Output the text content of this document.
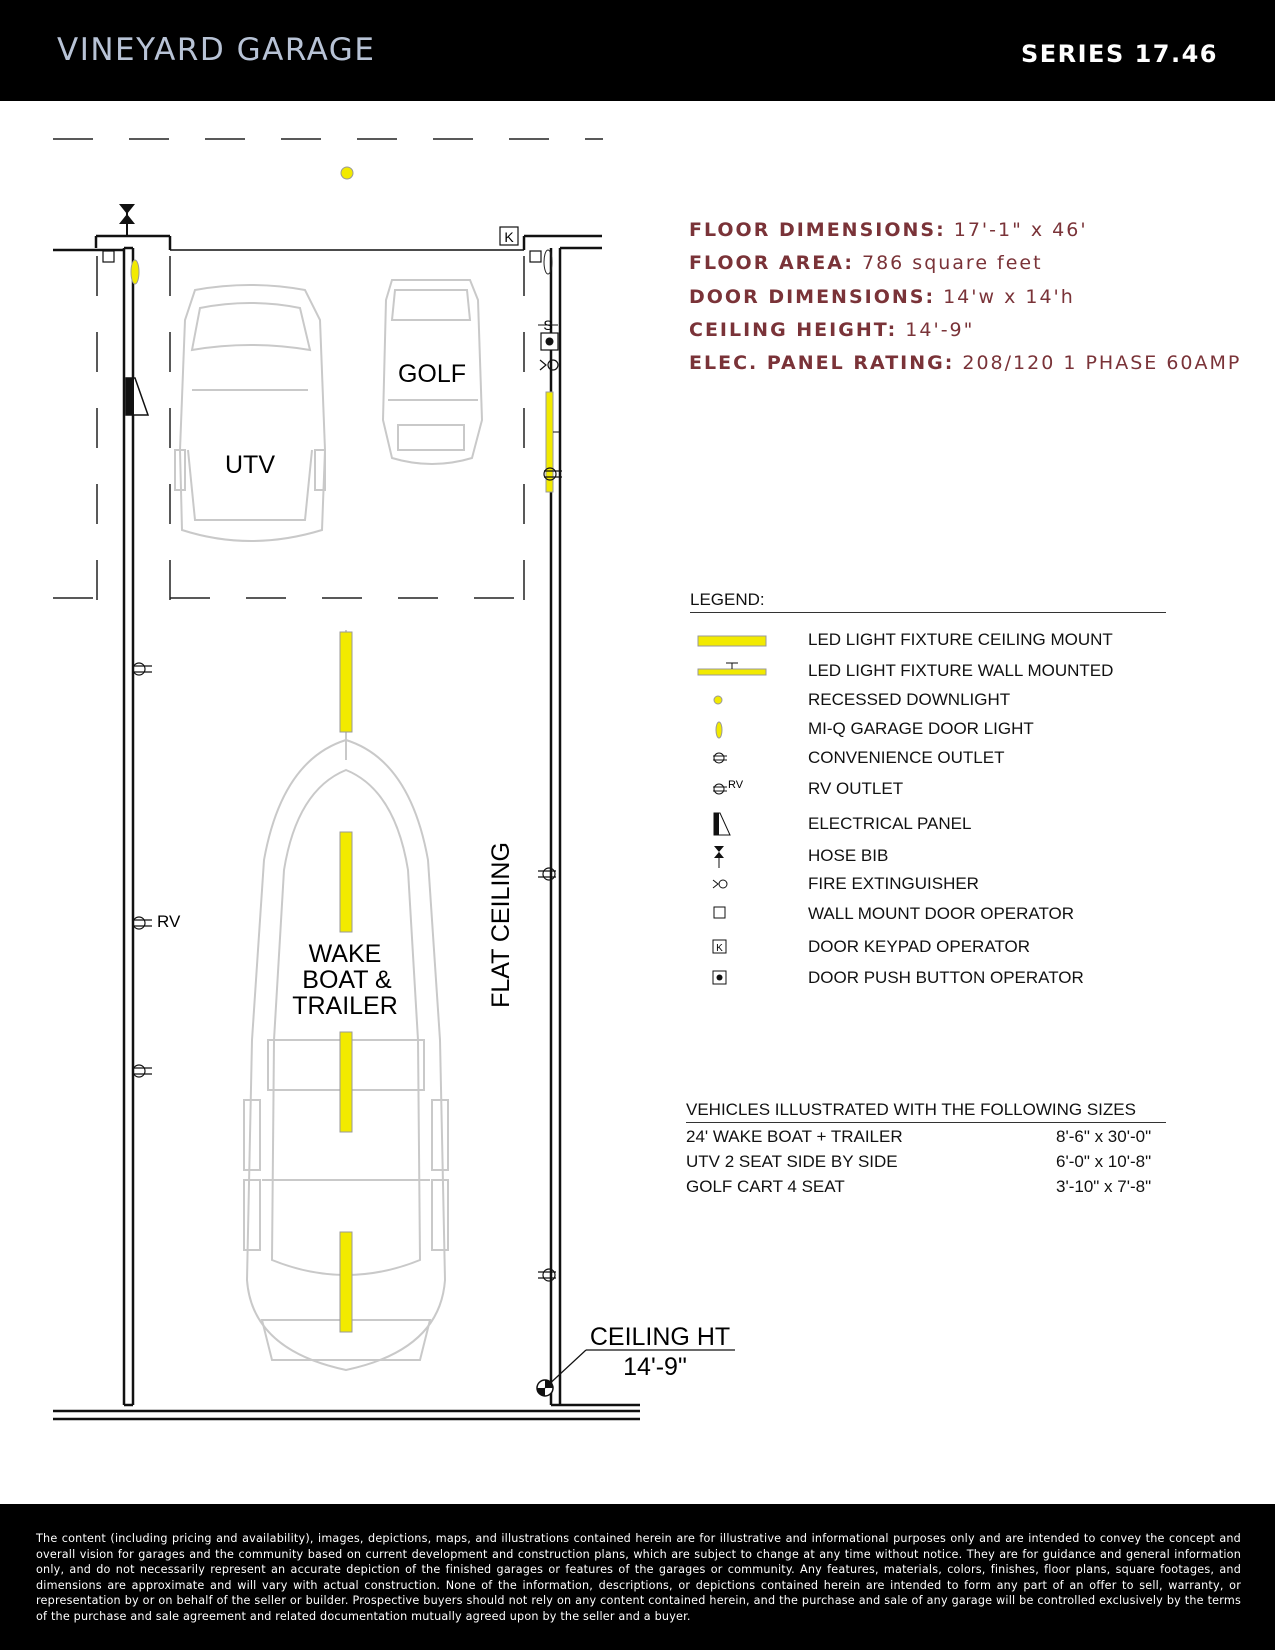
VINEYARD GARAGE	SERIES 17.46
FLOOR DIMENSIONS: 17'-1" x 46'
FLOOR AREA: 786 square feet
DOOR DIMENSIONS: 14'w x 14'h
CEILING HEIGHT: 14'-9"
ELEC. PANEL RATING: 208/120 1 PHASE 60AMP
K
S
RV
UTV
GOLF
WAKE
BOAT &
TRAILER	FLAT CEILING
CEILING HT
14'-9"
LEGEND:
LED LIGHT FIXTURE CEILING MOUNT
LED LIGHT FIXTURE WALL MOUNTED
RECESSED DOWNLIGHT
MI-Q GARAGE DOOR LIGHT
CONVENIENCE OUTLET
RV	RV OUTLET
ELECTRICAL PANEL
HOSE BIB
FIRE EXTINGUISHER
WALL MOUNT DOOR OPERATOR
K	DOOR KEYPAD OPERATOR
DOOR PUSH BUTTON OPERATOR
VEHICLES ILLUSTRATED WITH THE FOLLOWING SIZES
24' WAKE BOAT + TRAILER	8'-6" x 30'-0"
UTV 2 SEAT SIDE BY SIDE	6'-0" x 10'-8"
GOLF CART 4 SEAT	3'-10" x 7'-8"
The content (including pricing and availability), images, depictions, maps, and illustrations contained herein are for illustrative and informational purposes only and are intended to convey the concept and overall vision for garages and the community based on current development and construction plans, which are subject to change at any time without notice. They are for guidance and general information only, and do not necessarily represent an accurate depiction of the finished garages or features of the garages or community. Any features, materials, colors, finishes, floor plans, square footages, and dimensions are approximate and will vary with actual construction. None of the information, descriptions, or depictions contained herein are intended to form any part of an offer to sell, warranty, or representation by or on behalf of the seller or builder. Prospective buyers should not rely on any content contained herein, and the purchase and sale of any garage will be controlled exclusively by the terms of the purchase and sale agreement and related documentation mutually agreed upon by the seller and a buyer.
